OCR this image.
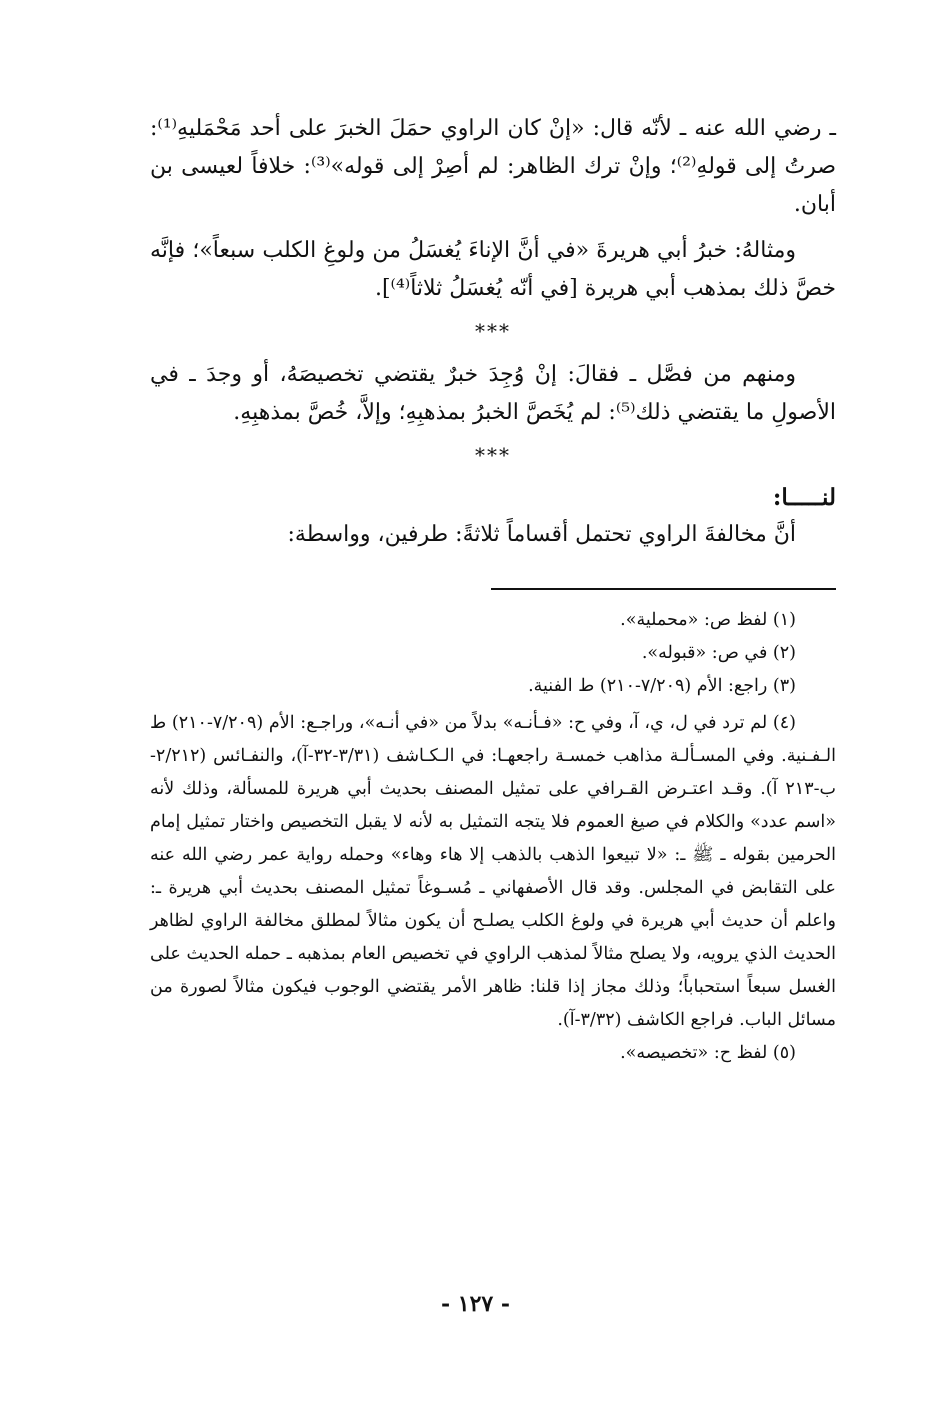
ـ رضي الله عنه ـ لأنّه قال: «إنْ كان الراوي حمَلَ الخبرَ على أحد مَحْمَليهِ⁽¹⁾: صرتُ إلى قولهِ⁽²⁾؛ وإنْ ترك الظاهر: لم أصِرْ إلى قوله»⁽³⁾: خلافاً لعيسى بن أبان.

ومثالهُ: خبرُ أبي هريرةَ «في أنَّ الإناءَ يُغسَلُ من ولوغِ الكلب سبعاً»؛ فإنَّه خصَّ ذلك بمذهب أبي هريرة [في أنّه يُغسَلُ ثلاثاً⁽⁴⁾].

***

ومنهم من فصَّل ـ فقالَ: إنْ وُجِدَ خبرٌ يقتضي تخصيصَهُ، أو وجدَ ـ في الأصولِ ما يقتضي ذلك⁽⁵⁾: لم يُخَصَّ الخبرُ بمذهبِهِ؛ وإلاَّ، خُصَّ بمذهبِهِ.

***
لنـــــا:

أنَّ مخالفةَ الراوي تحتمل أقساماً ثلاثةً: طرفين، وواسطة:

(١) لفظ ص: «محملية».

(٢) في ص: «قبوله».

(٣) راجع: الأم (٧/٢٠٩-٢١٠) ط الفنية.

(٤) لم ترد في ل، ي، آ، وفي ح: «فـأنـه» بدلاً من «في أنـه»، وراجـع: الأم (٧/٢٠٩-٢١٠) ط الـفـنية. وفي المسـألـة مذاهب خمسـة راجعهـا: في الـكـاشف (٣/٣١-٣٢-آ)، والنفـائس (٢/٢١٢-ب-٢١٣ آ). وقـد اعتـرض القـرافي على تمثيل المصنف بحديث أبي هريرة للمسألة، وذلك لأنه «اسم عدد» والكلام في صيغ العموم فلا يتجه التمثيل به لأنه لا يقبل التخصيص واختار تمثيل إمام الحرمين بقوله ـ ﷺ ـ: «لا تبيعوا الذهب بالذهب إلا هاء وهاء» وحمله رواية عمر رضي الله عنه على التقابض في المجلس. وقد قال الأصفهاني ـ مُسـوغاً تمثيل المصنف بحديث أبي هريرة ـ: واعلم أن حديث أبي هريرة في ولوغ الكلب يصلـح أن يكون مثالاً لمطلق مخالفة الراوي لظاهر الحديث الذي يرويه، ولا يصلح مثالاً لمذهب الراوي في تخصيص العام بمذهبه ـ حمله الحديث على الغسل سبعاً استحباباً؛ وذلك مجاز إذا قلنا: ظاهر الأمر يقتضي الوجوب فيكون مثالاً لصورة من مسائل الباب. فراجع الكاشف (٣/٣٢-آ).

(٥) لفظ ح: «تخصيصه».

- ١٢٧ -
